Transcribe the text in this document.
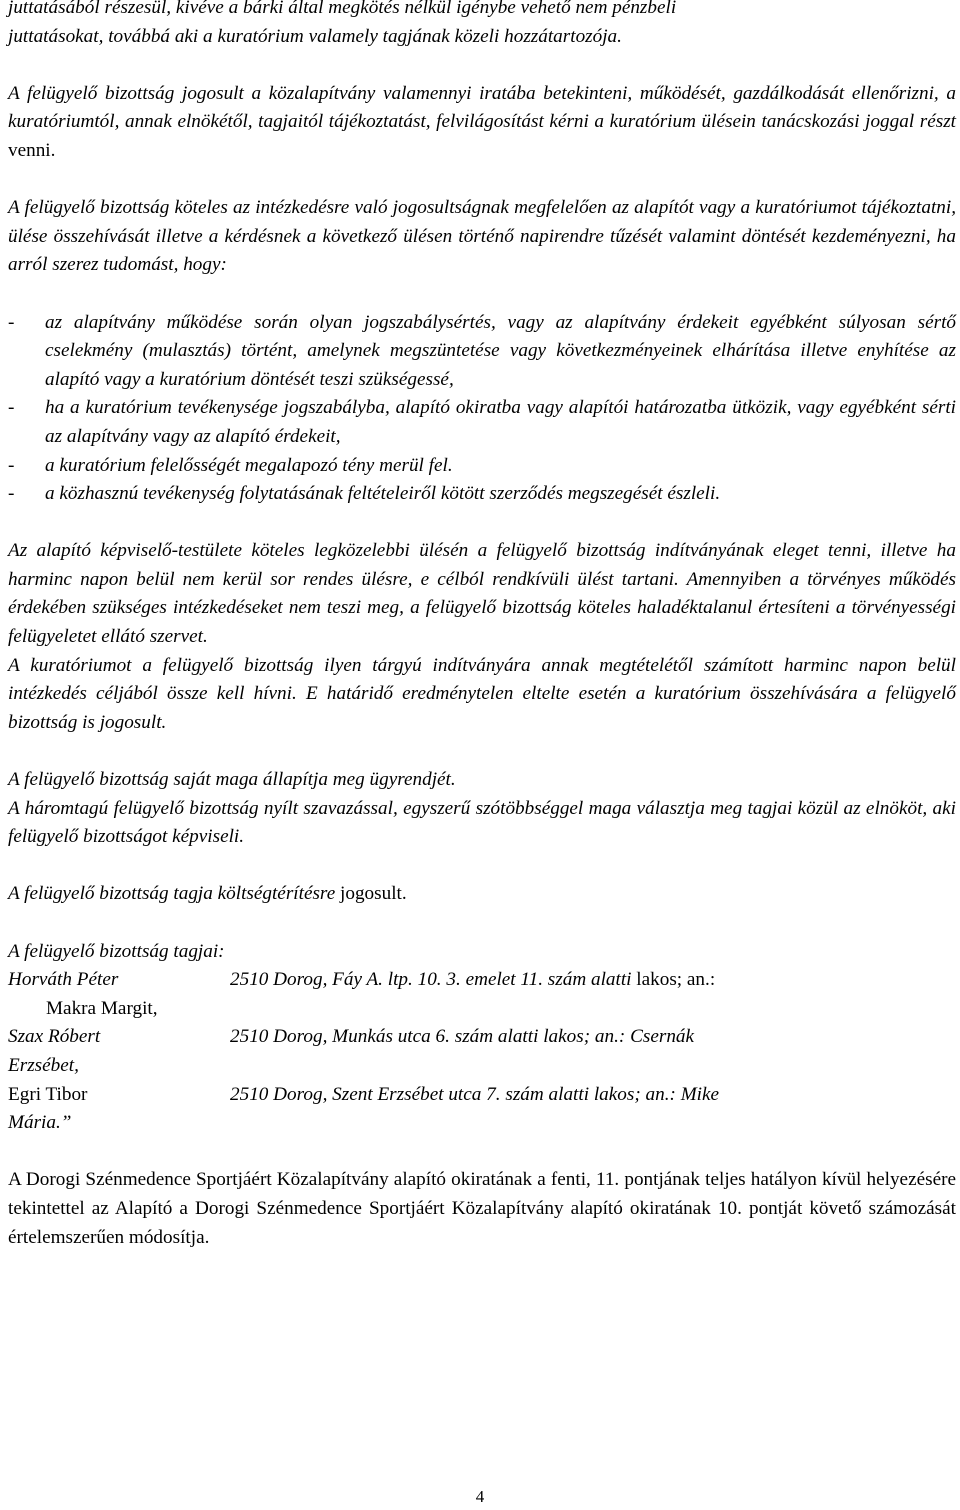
juttatásából részesül, kivéve a bárki által megkötés nélkül igénybe vehető nem pénzbeli
juttatásokat, továbbá aki a kuratórium valamely tagjának közeli hozzátartozója.

A felügyelő bizottság jogosult a közalapítvány valamennyi iratába betekinteni, működését, gazdálkodását ellenőrizni, a kuratóriumtól, annak elnökétől, tagjaitól tájékoztatást, felvilágosítást kérni a kuratórium ülésein tanácskozási joggal részt venni.

A felügyelő bizottság köteles az intézkedésre való jogosultságnak megfelelően az alapítót vagy a kuratóriumot tájékoztatni, ülése összehívását illetve a kérdésnek a következő ülésen történő napirendre tűzését valamint döntését kezdeményezni, ha arról szerez tudomást, hogy:

-	az alapítvány működése során olyan jogszabálysértés, vagy az alapítvány érdekeit egyébként súlyosan sértő cselekmény (mulasztás) történt, amelynek megszüntetése vagy következményeinek elhárítása illetve enyhítése az alapító vagy a kuratórium döntését teszi szükségessé,
-	ha a kuratórium tevékenysége jogszabályba, alapító okiratba vagy alapítói határozatba ütközik, vagy egyébként sérti az alapítvány vagy az alapító érdekeit,
-	a kuratórium felelősségét megalapozó tény merül fel.
-	a közhasznú tevékenység folytatásának feltételeiről kötött szerződés megszegését észleli.

Az alapító képviselő-testülete köteles legközelebbi ülésén a felügyelő bizottság indítványának eleget tenni, illetve ha harminc napon belül nem kerül sor rendes ülésre, e célból rendkívüli ülést tartani. Amennyiben a törvényes működés érdekében szükséges intézkedéseket nem teszi meg, a felügyelő bizottság köteles haladéktalanul értesíteni a törvényességi felügyeletet ellátó szervet.

A kuratóriumot a felügyelő bizottság ilyen tárgyú indítványára annak megtételétől számított harminc napon belül intézkedés céljából össze kell hívni. E határidő eredménytelen eltelte esetén a kuratórium összehívására a felügyelő bizottság is jogosult.

A felügyelő bizottság saját maga állapítja meg ügyrendjét.

A háromtagú felügyelő bizottság nyílt szavazással, egyszerű szótöbbséggel maga választja meg tagjai közül az elnököt, aki felügyelő bizottságot képviseli.

A felügyelő bizottság tagja költségtérítésre jogosult.

A felügyelő bizottság tagjai:
Horváth Péter	2510 Dorog, Fáy A. ltp. 10. 3. emelet 11. szám alatti lakos; an.:
Makra Margit,
Szax Róbert	2510 Dorog, Munkás utca 6. szám alatti lakos; an.: Csernák
Erzsébet,
Egri Tibor	2510 Dorog, Szent Erzsébet utca 7. szám alatti lakos; an.: Mike
Mária.”

A Dorogi Szénmedence Sportjáért Közalapítvány alapító okiratának a fenti, 11. pontjának teljes hatályon kívül helyezésére tekintettel az Alapító a Dorogi Szénmedence Sportjáért Közalapítvány alapító okiratának 10. pontját követő számozását értelemszerűen módosítja.

4
